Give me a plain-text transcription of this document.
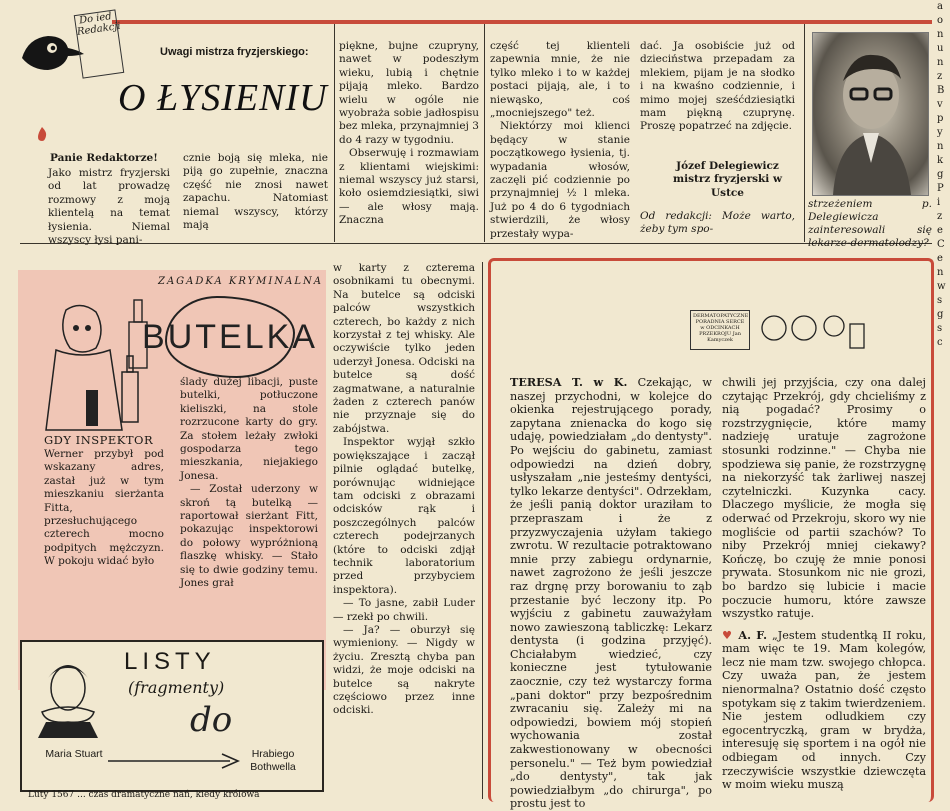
Do ied Redakcji
Uwagi mistrza fryzjerskiego:
O ŁYSIENIU
Panie Redaktorze!

Jako mistrz fryzjerski od lat prowadzę rozmowy z moją klientelą na temat łysienia. Niemal wszyscy łysi pani-

cznie boją się mleka, nie piją go zupełnie, znaczna część nie znosi nawet zapachu. Natomiast niemal wszyscy, którzy mają

piękne, bujne czupryny, nawet w podeszłym wieku, lubią i chętnie pijają mleko. Bardzo wielu w ogóle nie wyobraża sobie jadłospisu bez mleka, przynajmniej 3 do 4 razy w tygodniu.

Obserwuję i rozmawiam z klientami wiejskimi: niemal wszyscy już starsi, koło osiemdziesiątki, siwi — ale włosy mają. Znaczna

część tej klienteli zapewnia mnie, że nie tylko mleko i to w każdej postaci pijają, ale, i to niewąsko, coś „mocniejszego" też.

Niektórzy moi klienci będący w stanie początkowego łysienia, tj. wypadania włosów, zaczęli pić codziennie po przynajmniej ½ l mleka. Już po 4 do 6 tygodniach stwierdzili, że włosy przestały wypa-

dać. Ja osobiście już od dzieciństwa przepadam za mlekiem, pijam je na słodko i na kwaśno codziennie, i mimo mojej sześćdziesiątki mam piękną czuprynę. Proszę popatrzeć na zdjęcie.

Józef Delegiewicz mistrz fryzjerski w Ustce
Od redakcji: Może warto, żeby tym spo-
strzeżeniem p. Delegiewicza zainteresowali się lekarze-dermatolodzy?
a
o
n
u
n
z
B
v
p
y
n
k
g
P
i
z
e
C
e
n
w
s
g
s
c
ZAGADKA KRYMINALNA
BUTELKA
GDY INSPEKTOR

Werner przybył pod wskazany adres, zastał już w tym mieszkaniu sierżanta Fitta, przesłuchującego czterech mocno podpitych mężczyzn. W pokoju widać było

ślady dużej libacji, puste butelki, potłuczone kieliszki, na stole rozrzucone karty do gry. Za stołem leżały zwłoki gospodarza tego mieszkania, niejakiego Jonesa.

— Został uderzony w skroń tą butelką — raportował sierżant Fitt, pokazując inspektorowi do połowy wypróżnioną flaszkę whisky. — Stało się to dwie godziny temu. Jones grał

w karty z czterema osobnikami tu obecnymi. Na butelce są odciski palców wszystkich czterech, bo każdy z nich korzystał z tej whisky. Ale oczywiście tylko jeden uderzył Jonesa. Odciski na butelce są dość zagmatwane, a naturalnie żaden z czterech panów nie przyznaje się do zabójstwa.

Inspektor wyjął szkło powiększające i zaczął pilnie oglądać butelkę, porównując widniejące tam odciski z obrazami odcisków rąk i poszczególnych palców czterech podejrzanych (które to odciski zdjął technik laboratorium przed przybyciem inspektora).

— To jasne, zabił Luder — rzekł po chwili.

— Ja? — oburzył się wymieniony. — Nigdy w życiu. Zresztą chyba pan widzi, że moje odciski na butelce są nakryte częściowo przez inne odciski.

LISTY
(fragmenty)
do
Maria Stuart	Hrabiego Bothwella
Luty 1567 ... czas dramatyczne nań, kiedy królowa
DERMATOPATYCZNE PORADNIA SERCE w ODCINKACH PRZEKROJU Jan Kamyczek

TERESA T. w K. Czekając, w naszej przychodni, w kolejce do okienka rejestrującego porady, zapytana znienacka do kogo się udaję, powiedziałam „do dentysty". Po wejściu do gabinetu, zamiast odpowiedzi na dzień dobry, usłyszałam „nie jesteśmy dentyści, tylko lekarze dentyści". Odrzekłam, że jeśli panią doktor uraziłam to przepraszam i że z przyzwyczajenia użyłam takiego zwrotu. W rezultacie potraktowano mnie przy zabiegu ordynarnie, nawet zagrożono że jeśli jeszcze raz drgnę przy borowaniu to ząb przestanie być leczony itp. Po wyjściu z gabinetu zauważyłam nowo zawieszoną tabliczkę: Lekarz dentysta (i godzina przyjęć). Chciałabym wiedzieć, czy konieczne jest tytułowanie zaocznie, czy też wystarczy forma „pani doktor" przy bezpośrednim zwracaniu się. Zależy mi na odpowiedzi, bowiem mój stopień wychowania został zakwestionowany w obecności personelu." — Też bym powiedział „do dentysty", tak jak powiedziałbym „do chirurga", po prostu jest to

chwili jej przyjścia, czy ona dalej czytając Przekrój, gdy chcieliśmy z nią pogadać? Prosimy o rozstrzygnięcie, które mamy nadzieję uratuje zagrożone stosunki rodzinne." — Chyba nie spodziewa się panie, że rozstrzygnę na niekorzyść tak żarliwej naszej czytelniczki. Kuzynka cacy. Dlaczego myślicie, że mogła się oderwać od Przekroju, skoro wy nie mogliście od partii szachów? To niby Przekrój mniej ciekawy? Kończę, bo czuję że mnie ponosi prywata. Stosunkom nic nie grozi, bo bardzo się lubicie i macie poczucie humoru, które zawsze wszystko ratuje.

♥ A. F. „Jestem studentką II roku, mam więc te 19. Mam kolegów, lecz nie mam tzw. swojego chłopca. Czy uważa pan, że jestem nienormalna? Ostatnio dość często spotykam się z takim twierdzeniem. Nie jestem odludkiem czy egocentryczką, gram w brydża, interesuję się sportem i na ogół nie odbiegam od innych. Czy rzeczywiście wszystkie dziewczęta w moim wieku muszą
